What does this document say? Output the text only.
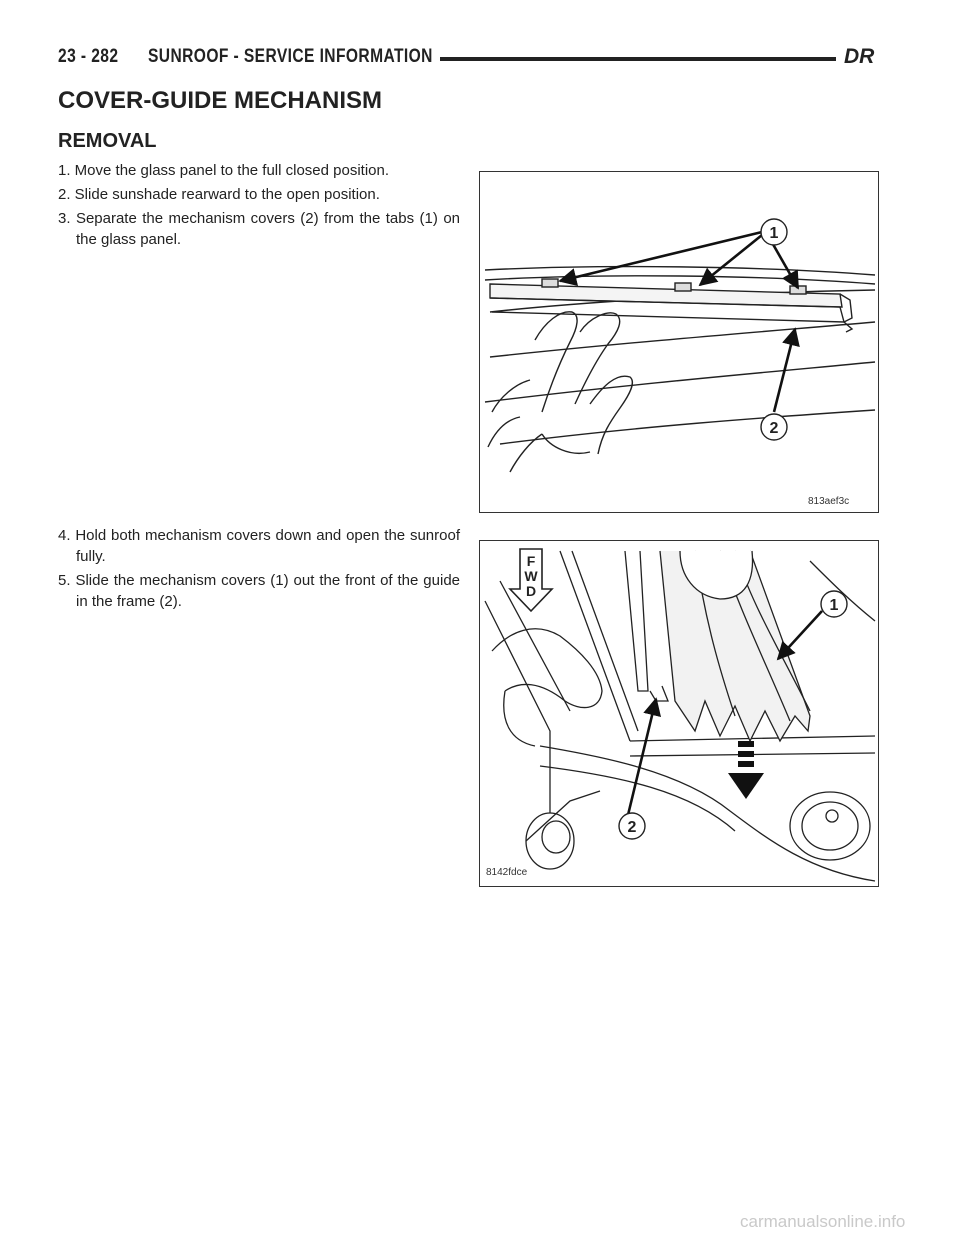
23 - 282 SUNROOF - SERVICE INFORMATION	DR
COVER-GUIDE MECHANISM
REMOVAL
1. Move the glass panel to the full closed position.
2. Slide sunshade rearward to the open position.
3. Separate the mechanism covers (2) from the tabs (1) on the glass panel.
4. Hold both mechanism covers down and open the sunroof fully.
5. Slide the mechanism covers (1) out the front of the guide in the frame (2).
1
2
813aef3c
F
W
D
1
2
8142fdce
carmanualsonline.info
